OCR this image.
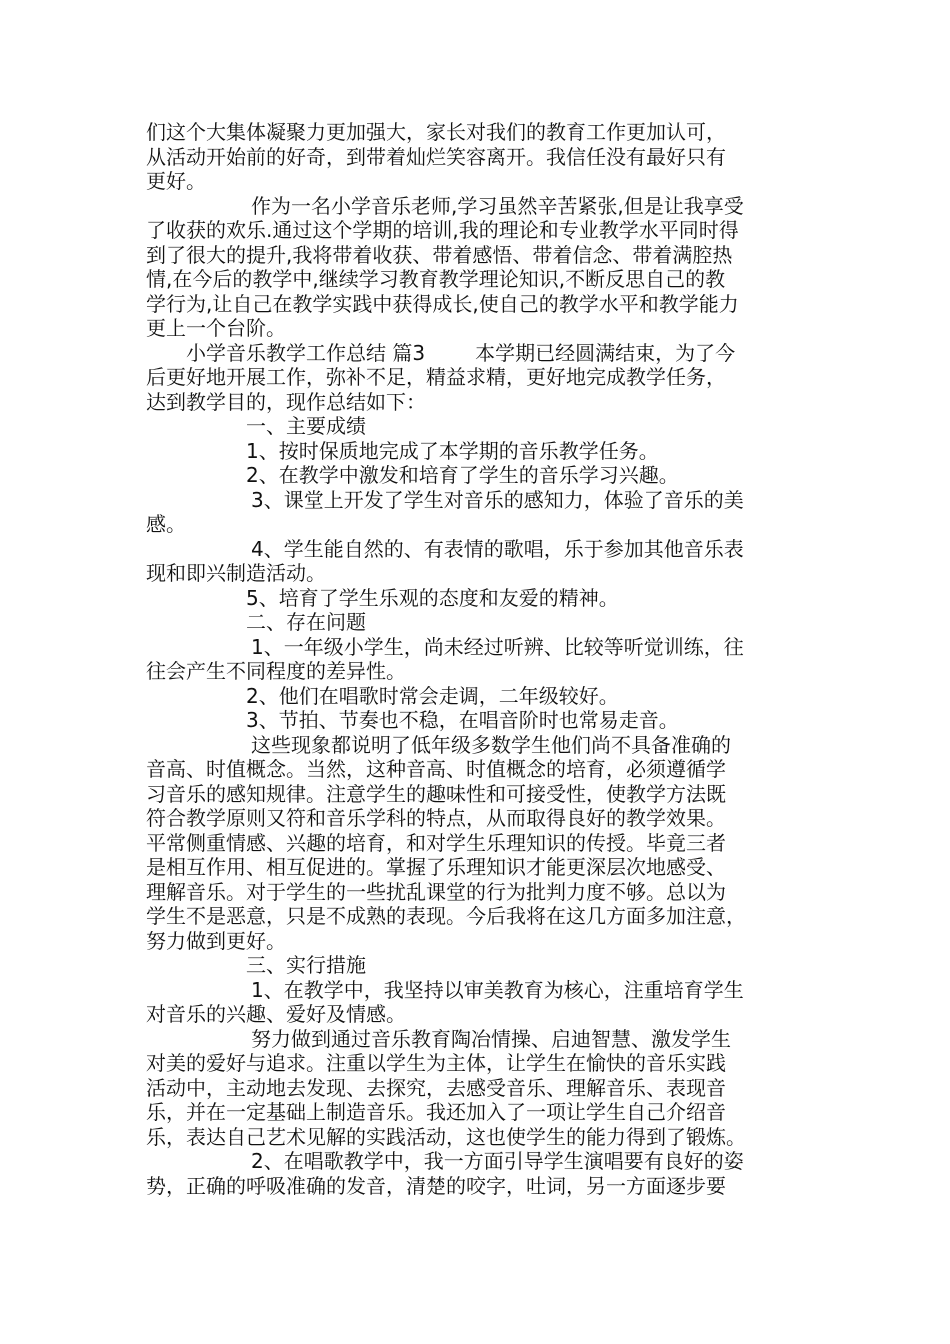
们这个大集体凝聚力更加强大，家长对我们的教育工作更加认可，
从活动开始前的好奇，到带着灿烂笑容离开。我信任没有最好只有
更好。
作为一名小学音乐老师,学习虽然辛苦紧张,但是让我享受
了收获的欢乐.通过这个学期的培训,我的理论和专业教学水平同时得
到了很大的提升,我将带着收获、带着感悟、带着信念、带着满腔热
情,在今后的教学中,继续学习教育教学理论知识,不断反思自己的教
学行为,让自己在教学实践中获得成长,使自己的教学水平和教学能力
更上一个台阶。
小学音乐教学工作总结 篇3	本学期已经圆满结束，为了今
后更好地开展工作，弥补不足，精益求精，更好地完成教学任务，
达到教学目的，现作总结如下：
一、主要成绩
1、按时保质地完成了本学期的音乐教学任务。
2、在教学中激发和培育了学生的音乐学习兴趣。
3、课堂上开发了学生对音乐的感知力，体验了音乐的美
感。
4、学生能自然的、有表情的歌唱，乐于参加其他音乐表
现和即兴制造活动。
5、培育了学生乐观的态度和友爱的精神。
二、存在问题
1、一年级小学生，尚未经过听辨、比较等听觉训练，往
往会产生不同程度的差异性。
2、他们在唱歌时常会走调，二年级较好。
3、节拍、节奏也不稳，在唱音阶时也常易走音。
这些现象都说明了低年级多数学生他们尚不具备准确的
音高、时值概念。当然，这种音高、时值概念的培育，必须遵循学
习音乐的感知规律。注意学生的趣味性和可接受性，使教学方法既
符合教学原则又符和音乐学科的特点，从而取得良好的教学效果。
平常侧重情感、兴趣的培育，和对学生乐理知识的传授。毕竟三者
是相互作用、相互促进的。掌握了乐理知识才能更深层次地感受、
理解音乐。对于学生的一些扰乱课堂的行为批判力度不够。总以为
学生不是恶意，只是不成熟的表现。今后我将在这几方面多加注意，
努力做到更好。
三、实行措施
1、在教学中，我坚持以审美教育为核心，注重培育学生
对音乐的兴趣、爱好及情感。
努力做到通过音乐教育陶冶情操、启迪智慧、激发学生
对美的爱好与追求。注重以学生为主体，让学生在愉快的音乐实践
活动中，主动地去发现、去探究，去感受音乐、理解音乐、表现音
乐，并在一定基础上制造音乐。我还加入了一项让学生自己介绍音
乐，表达自己艺术见解的实践活动，这也使学生的能力得到了锻炼。
2、在唱歌教学中，我一方面引导学生演唱要有良好的姿
势，正确的呼吸准确的发音，清楚的咬字，吐词，另一方面逐步要
